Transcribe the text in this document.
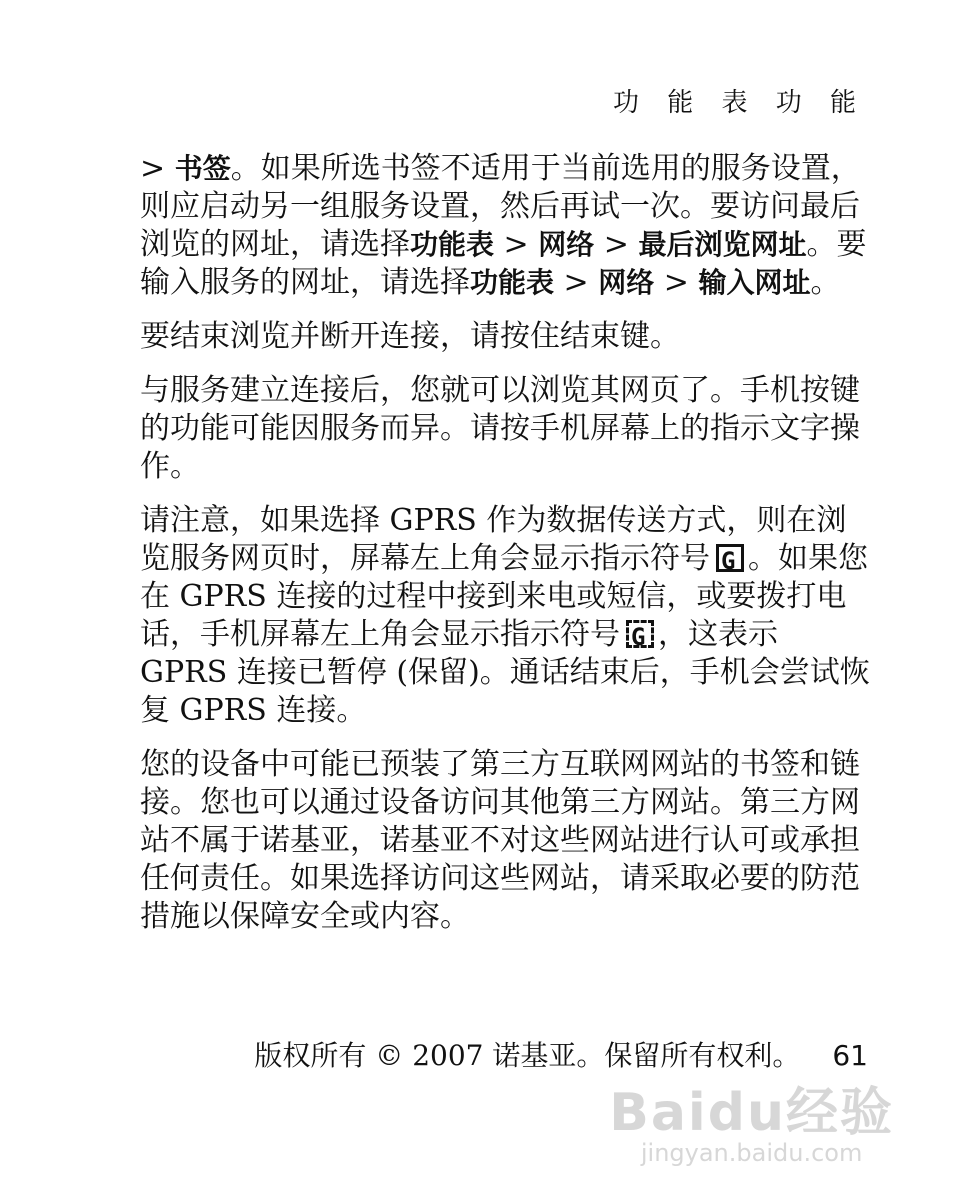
功 能 表 功 能

> 书签。如果所选书签不适用于当前选用的服务设置，则应启动另一组服务设置，然后再试一次。要访问最后浏览的网址，请选择功能表 > 网络 > 最后浏览网址。要输入服务的网址，请选择功能表 > 网络 > 输入网址。

要结束浏览并断开连接，请按住结束键。

与服务建立连接后，您就可以浏览其网页了。手机按键的功能可能因服务而异。请按手机屏幕上的指示文字操作。

请注意，如果选择 GPRS 作为数据传送方式，则在浏览服务网页时，屏幕左上角会显示指示符号 G 。如果您在 GPRS 连接的过程中接到来电或短信，或要拨打电话，手机屏幕左上角会显示指示符号 G ，这表示 GPRS 连接已暂停 (保留)。通话结束后，手机会尝试恢复 GPRS 连接。

您的设备中可能已预装了第三方互联网网站的书签和链接。您也可以通过设备访问其他第三方网站。第三方网站不属于诺基亚，诺基亚不对这些网站进行认可或承担任何责任。如果选择访问这些网站，请采取必要的防范措施以保障安全或内容。

版权所有 © 2007 诺基亚。保留所有权利。 61
Baidu经验
jingyan.baidu.com
